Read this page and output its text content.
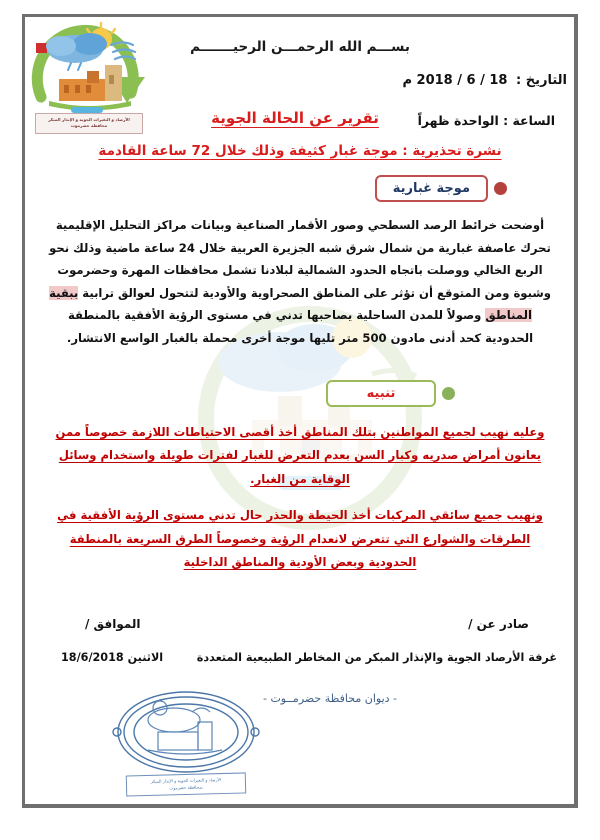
بســـم الله الرحمـــن الرحيـــــــم
التاريخ : 18 / 6 / 2018 م
الساعة : الواحدة ظهراً
تقرير عن الحالة الجوية
الأرصاد و التغيرات الجوية و الإنذار المبكر
محافظة حضرموت
نشرة تحذيرية : موجة غبار كثيفة وذلك خلال 72 ساعة القادمة
موجة غبارية
أوضحت خرائط الرصد السطحي وصور الأقمار الصناعية وبيانات مراكز التحليل الإقليمية تحرك عاصفة غبارية من شمال شرق شبه الجزيرة العربية خلال 24 ساعة ماضية وذلك نحو الربع الخالي ووصلت باتجاه الحدود الشمالية لبلادنا تشمل محافظات المهرة وحضرموت وشبوة ومن المتوقع أن تؤثر على المناطق الصحراوية والأودية لتتحول لعوالق ترابية ببقية المناطق وصولاً للمدن الساحلية يصاحبها تدني في مستوى الرؤية الأفقية بالمنطقة الحدودية كحد أدنى مادون 500 متر تليها موجة أخرى محملة بالغبار الواسع الانتشار.
تنبيه
وعليه نهيب لجميع المواطنين بتلك المناطق أخذ أقصى الاحتياطات اللازمة خصوصاً ممن يعانون أمراض صدريه وكبار السن بعدم التعرض للغبار لفترات طويلة واستخدام وسائل الوقاية من الغبار.
ونهيب جميع سائقي المركبات أخذ الحيطة والحذر حال تدني مستوى الرؤية الأفقية في الطرقات والشوارع التي تتعرض لانعدام الرؤية وخصوصاً الطرق السريعة بالمنطقة الحدودية وبعض الأودية والمناطق الداخلية
صادر عن /
الموافق /
غرفة الأرصاد الجوية والإنذار المبكر من المخاطر الطبيعية المتعددة
الاثنين 18/6/2018
- ديوان محافظة حضرمــوت -
الأرصاد و التغيرات الجوية و الإنذار المبكر
بمحافظة حضرموت
